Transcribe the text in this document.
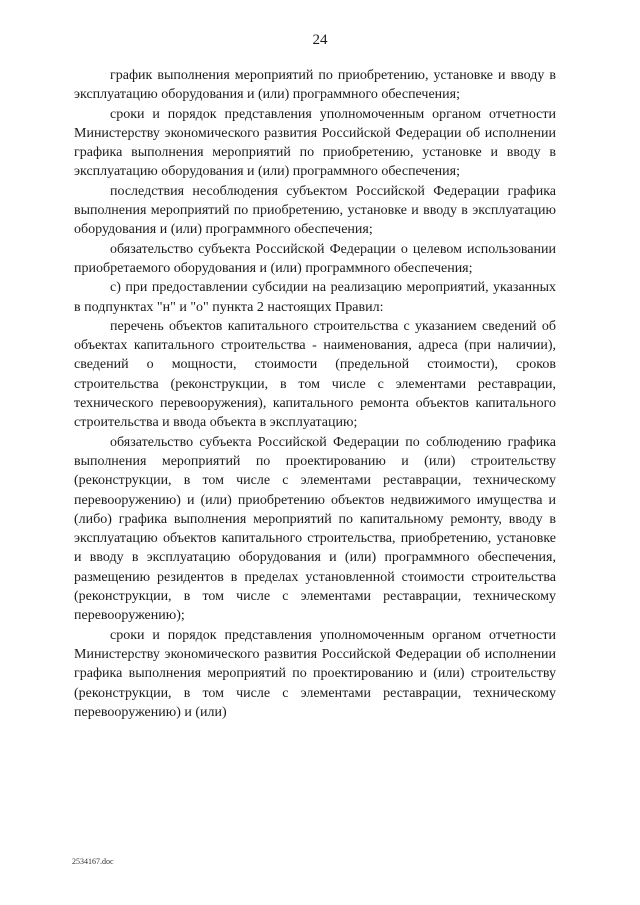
24

график выполнения мероприятий по приобретению, установке и вводу в эксплуатацию оборудования и (или) программного обеспечения;

сроки и порядок представления уполномоченным органом отчетности Министерству экономического развития Российской Федерации об исполнении графика выполнения мероприятий по приобретению, установке и вводу в эксплуатацию оборудования и (или) программного обеспечения;

последствия несоблюдения субъектом Российской Федерации графика выполнения мероприятий по приобретению, установке и вводу в эксплуатацию оборудования и (или) программного обеспечения;

обязательство субъекта Российской Федерации о целевом использовании приобретаемого оборудования и (или) программного обеспечения;

с) при предоставлении субсидии на реализацию мероприятий, указанных в подпунктах "н" и "о" пункта 2 настоящих Правил:

перечень объектов капитального строительства с указанием сведений об объектах капитального строительства - наименования, адреса (при наличии), сведений о мощности, стоимости (предельной стоимости), сроков строительства (реконструкции, в том числе с элементами реставрации, технического перевооружения), капитального ремонта объектов капитального строительства и ввода объекта в эксплуатацию;

обязательство субъекта Российской Федерации по соблюдению графика выполнения мероприятий по проектированию и (или) строительству (реконструкции, в том числе с элементами реставрации, техническому перевооружению) и (или) приобретению объектов недвижимого имущества и (либо) графика выполнения мероприятий по капитальному ремонту, вводу в эксплуатацию объектов капитального строительства, приобретению, установке и вводу в эксплуатацию оборудования и (или) программного обеспечения, размещению резидентов в пределах установленной стоимости строительства (реконструкции, в том числе с элементами реставрации, техническому перевооружению);

сроки и порядок представления уполномоченным органом отчетности Министерству экономического развития Российской Федерации об исполнении графика выполнения мероприятий по проектированию и (или) строительству (реконструкции, в том числе с элементами реставрации, техническому перевооружению) и (или)

2534167.doc
